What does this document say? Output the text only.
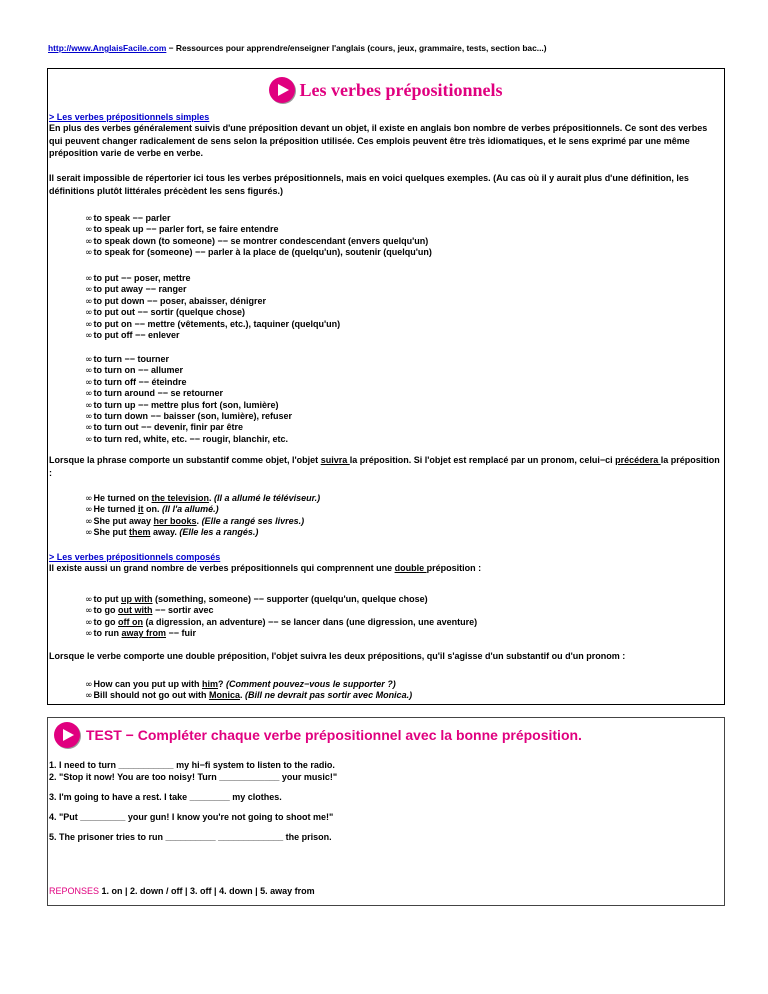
http://www.AnglaisFacile.com − Ressources pour apprendre/enseigner l'anglais (cours, jeux, grammaire, tests, section bac...)
Les verbes prépositionnels
> Les verbes prépositionnels simples
En plus des verbes généralement suivis d'une préposition devant un objet, il existe en anglais bon nombre de verbes prépositionnels. Ce sont des verbes qui peuvent changer radicalement de sens selon la préposition utilisée. Ces emplois peuvent être très idiomatiques, et le sens exprimé par une même préposition varie de verbe en verbe.
Il serait impossible de répertorier ici tous les verbes prépositionnels, mais en voici quelques exemples. (Au cas où il y aurait plus d'une définition, les définitions plutôt littérales précèdent les sens figurés.)
∞to speak −− parler
∞to speak up −− parler fort, se faire entendre
∞to speak down (to someone) −− se montrer condescendant (envers quelqu'un)
∞to speak for (someone) −− parler à la place de (quelqu'un), soutenir (quelqu'un)
∞to put −− poser, mettre
∞to put away −− ranger
∞to put down −− poser, abaisser, dénigrer
∞to put out −− sortir (quelque chose)
∞to put on −− mettre (vêtements, etc.), taquiner (quelqu'un)
∞to put off −− enlever
∞to turn −− tourner
∞to turn on −− allumer
∞to turn off −− éteindre
∞to turn around −− se retourner
∞to turn up −− mettre plus fort (son, lumière)
∞to turn down −− baisser (son, lumière), refuser
∞to turn out −− devenir, finir par être
∞to turn red, white, etc. −− rougir, blanchir, etc.
Lorsque la phrase comporte un substantif comme objet, l'objet suivra la préposition. Si l'objet est remplacé par un pronom, celui−ci précédera la préposition :
∞He turned on the television. (Il a allumé le téléviseur.)
∞He turned it on. (Il l'a allumé.)
∞She put away her books. (Elle a rangé ses livres.)
∞She put them away. (Elle les a rangés.)
> Les verbes prépositionnels composés
Il existe aussi un grand nombre de verbes prépositionnels qui comprennent une double préposition :
∞to put up with (something, someone) −− supporter (quelqu'un, quelque chose)
∞to go out with −− sortir avec
∞to go off on (a digression, an adventure) −− se lancer dans (une digression, une aventure)
∞to run away from −− fuir
Lorsque le verbe comporte une double préposition, l'objet suivra les deux prépositions, qu'il s'agisse d'un substantif ou d'un pronom :
∞How can you put up with him? (Comment pouvez−vous le supporter ?)
∞Bill should not go out with Monica. (Bill ne devrait pas sortir avec Monica.)
TEST − Compléter chaque verbe prépositionnel avec la bonne préposition.
1. I need to turn ___________ my hi−fi system to listen to the radio.
2. "Stop it now! You are too noisy! Turn ____________ your music!"
3. I'm going to have a rest. I take ________ my clothes.
4. "Put _________ your gun! I know you're not going to shoot me!"
5. The prisoner tries to run __________ _____________ the prison.
REPONSES 1. on | 2. down / off | 3. off | 4. down | 5. away from
